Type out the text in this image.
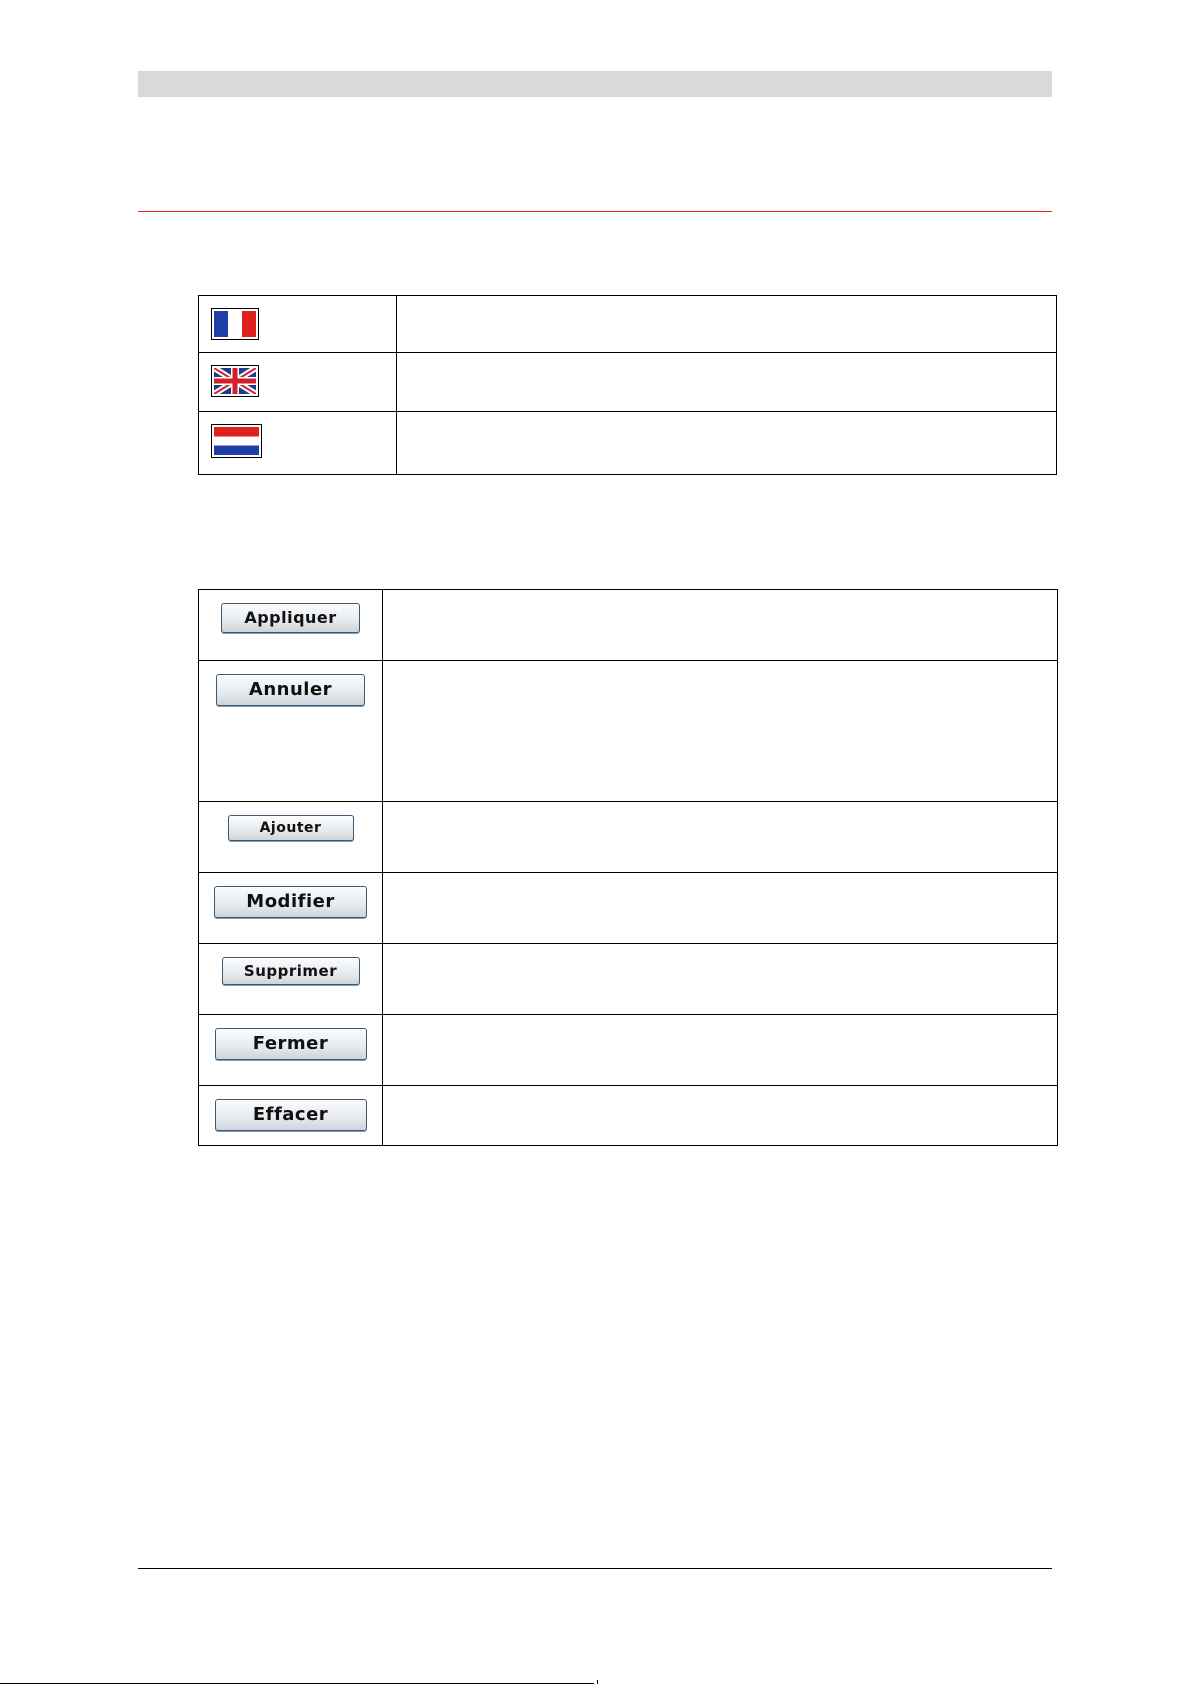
Appliquer	
Annuler	
Ajouter	
Modifier	
Supprimer	
Fermer	
Effacer	
